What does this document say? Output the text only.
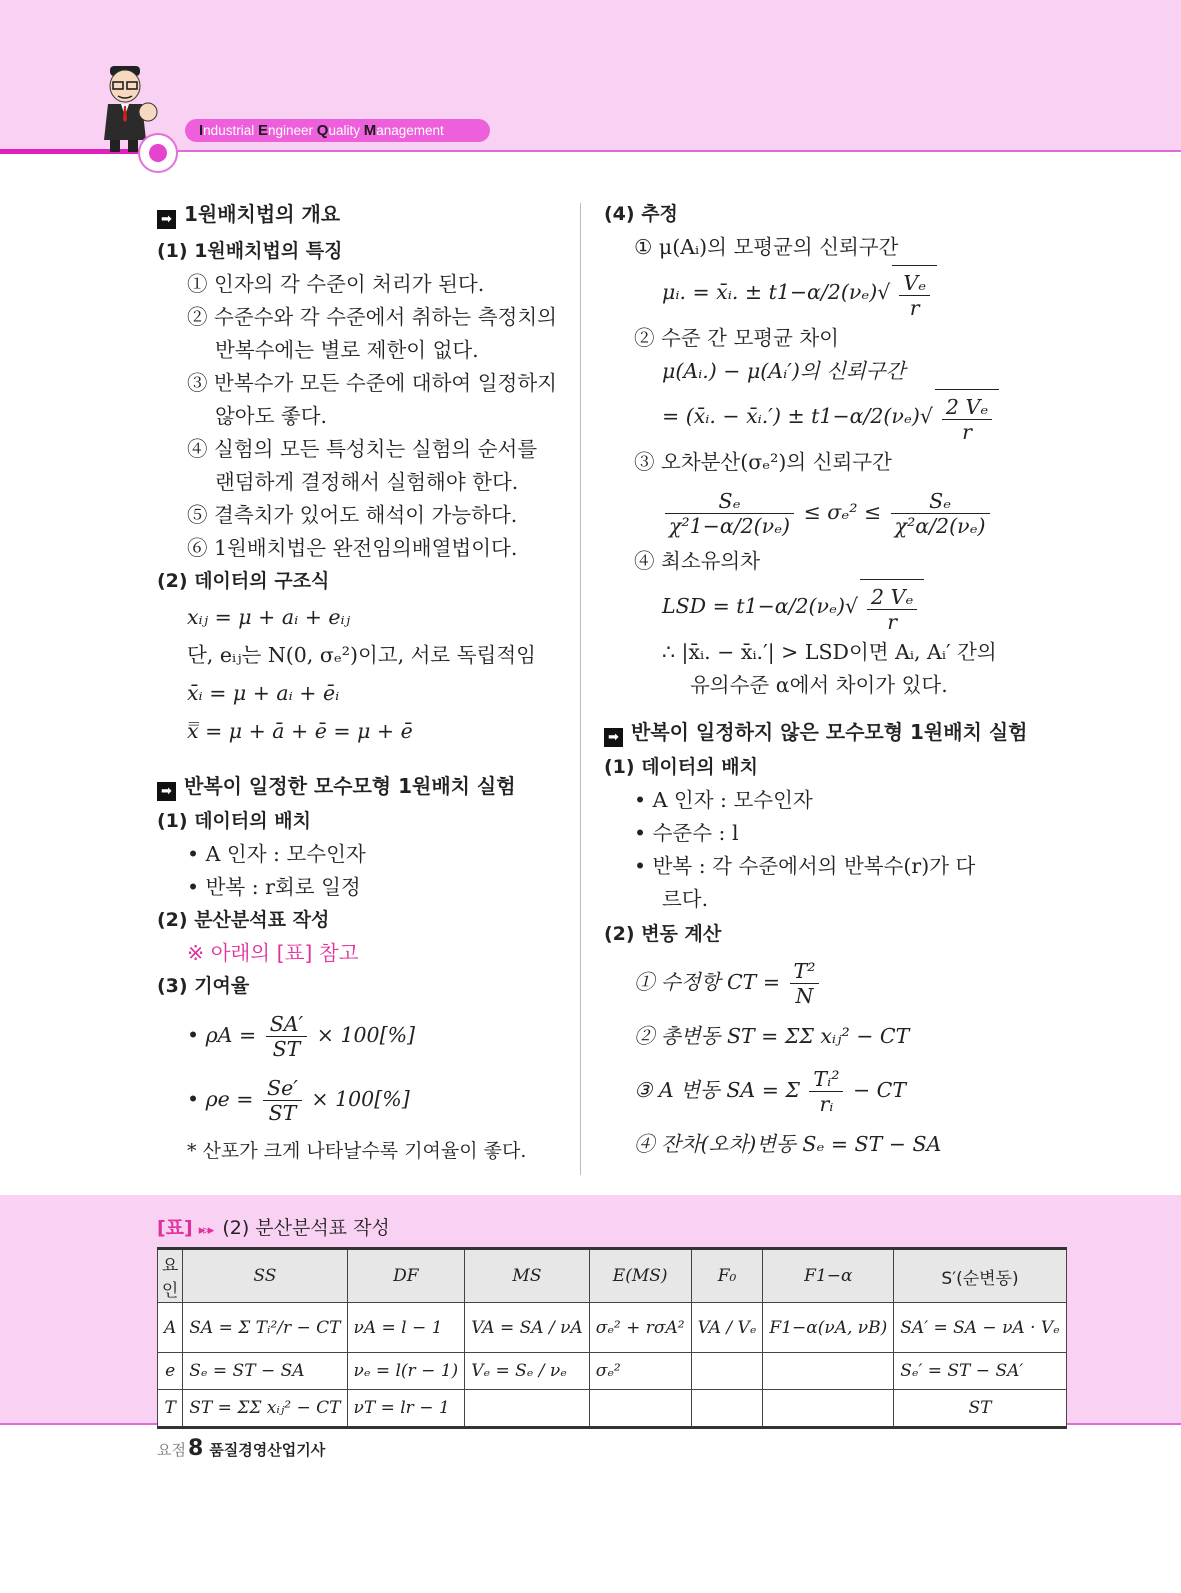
Industrial Engineer Quality Management

➡ 1원배치법의 개요

(1) 1원배치법의 특징

① 인자의 각 수준이 처리가 된다.

② 수준수와 각 수준에서 취하는 측정치의

반복수에는 별로 제한이 없다.

③ 반복수가 모든 수준에 대하여 일정하지

않아도 좋다.

④ 실험의 모든 특성치는 실험의 순서를

랜덤하게 결정해서 실험해야 한다.

⑤ 결측치가 있어도 해석이 가능하다.

⑥ 1원배치법은 완전임의배열법이다.

(2) 데이터의 구조식

xᵢⱼ = μ + aᵢ + eᵢⱼ

단, eᵢⱼ는 N(0, σₑ²)이고, 서로 독립적임

x̄ᵢ = μ + aᵢ + ēᵢ

x̿ = μ + ā + ē = μ + ē̄

➡ 반복이 일정한 모수모형 1원배치 실험

(1) 데이터의 배치

• A 인자 : 모수인자

• 반복 : r회로 일정

(2) 분산분석표 작성

※ 아래의 [표] 참고

(3) 기여율

• $\rho A = \frac{SA'}{ST} \times 100[\%]$

• $\rho e = \frac{Se'}{ST} \times 100[\%]$

* 산포가 크게 나타날수록 기여율이 좋다.

(4) 추정

① μ(Aᵢ)의 모평균의 신뢰구간

μᵢ. = x̄ᵢ. ± $t1-\alpha/2(\nu_e)√ \frac{\text{Vₑ}}{r}$

② 수준 간 모평균 차이

μ(Aᵢ.) − μ(Aᵢ′)의 신뢰구간

= (x̄ᵢ. − x̄ᵢ.′) ± $t1-\alpha/2(\nu_e)√ \frac{\text{2 Vₑ}}{r}$

③ 오차분산(σₑ²)의 신뢰구간

$\frac{\text{Sₑ}}{\text{χ²1−α/2(νₑ)}} \le \sigma_e^2 \le \frac{\text{Sₑ}}{\text{χ²α/2(νₑ)}}$

④ 최소유의차

LSD = $t1-\alpha/2(\nu_e)√ \frac{\text{2 Vₑ}}{r}$

∴ |x̄ᵢ. − x̄ᵢ.′| > LSD이면 Aᵢ, Aᵢ′ 간의

유의수준 α에서 차이가 있다.

➡ 반복이 일정하지 않은 모수모형 1원배치 실험

(1) 데이터의 배치

• A 인자 : 모수인자

• 수준수 : l

• 반복 : 각 수준에서의 반복수(r)가 다

르다.

(2) 변동 계산

① 수정항 CT = $\frac{\text{T²}}{N}$

② 총변동 ST = ΣΣ xᵢⱼ² − CT

③ A 변동 SA = Σ $\frac{\text{Tᵢ²}}{\text{rᵢ}}$ − CT

④ 잔차(오차)변동 Sₑ = ST − SA

[표] ▸▹▸ (2) 분산분석표 작성
요 인	SS	DF	MS	E(MS)	F₀	F1−α	S′(순변동)
A	SA = Σ Tᵢ²/r − CT	νA = l − 1	VA = SA / νA	σₑ² + rσA²	VA / Vₑ	F1−α(νA, νB)	SA′ = SA − νA · Vₑ
e	Sₑ = ST − SA	νₑ = l(r − 1)	Vₑ = Sₑ / νₑ	σₑ²			Sₑ′ = ST − SA′
T	ST = ΣΣ xᵢⱼ² − CT	νT = lr − 1					ST
요점8 품질경영산업기사
